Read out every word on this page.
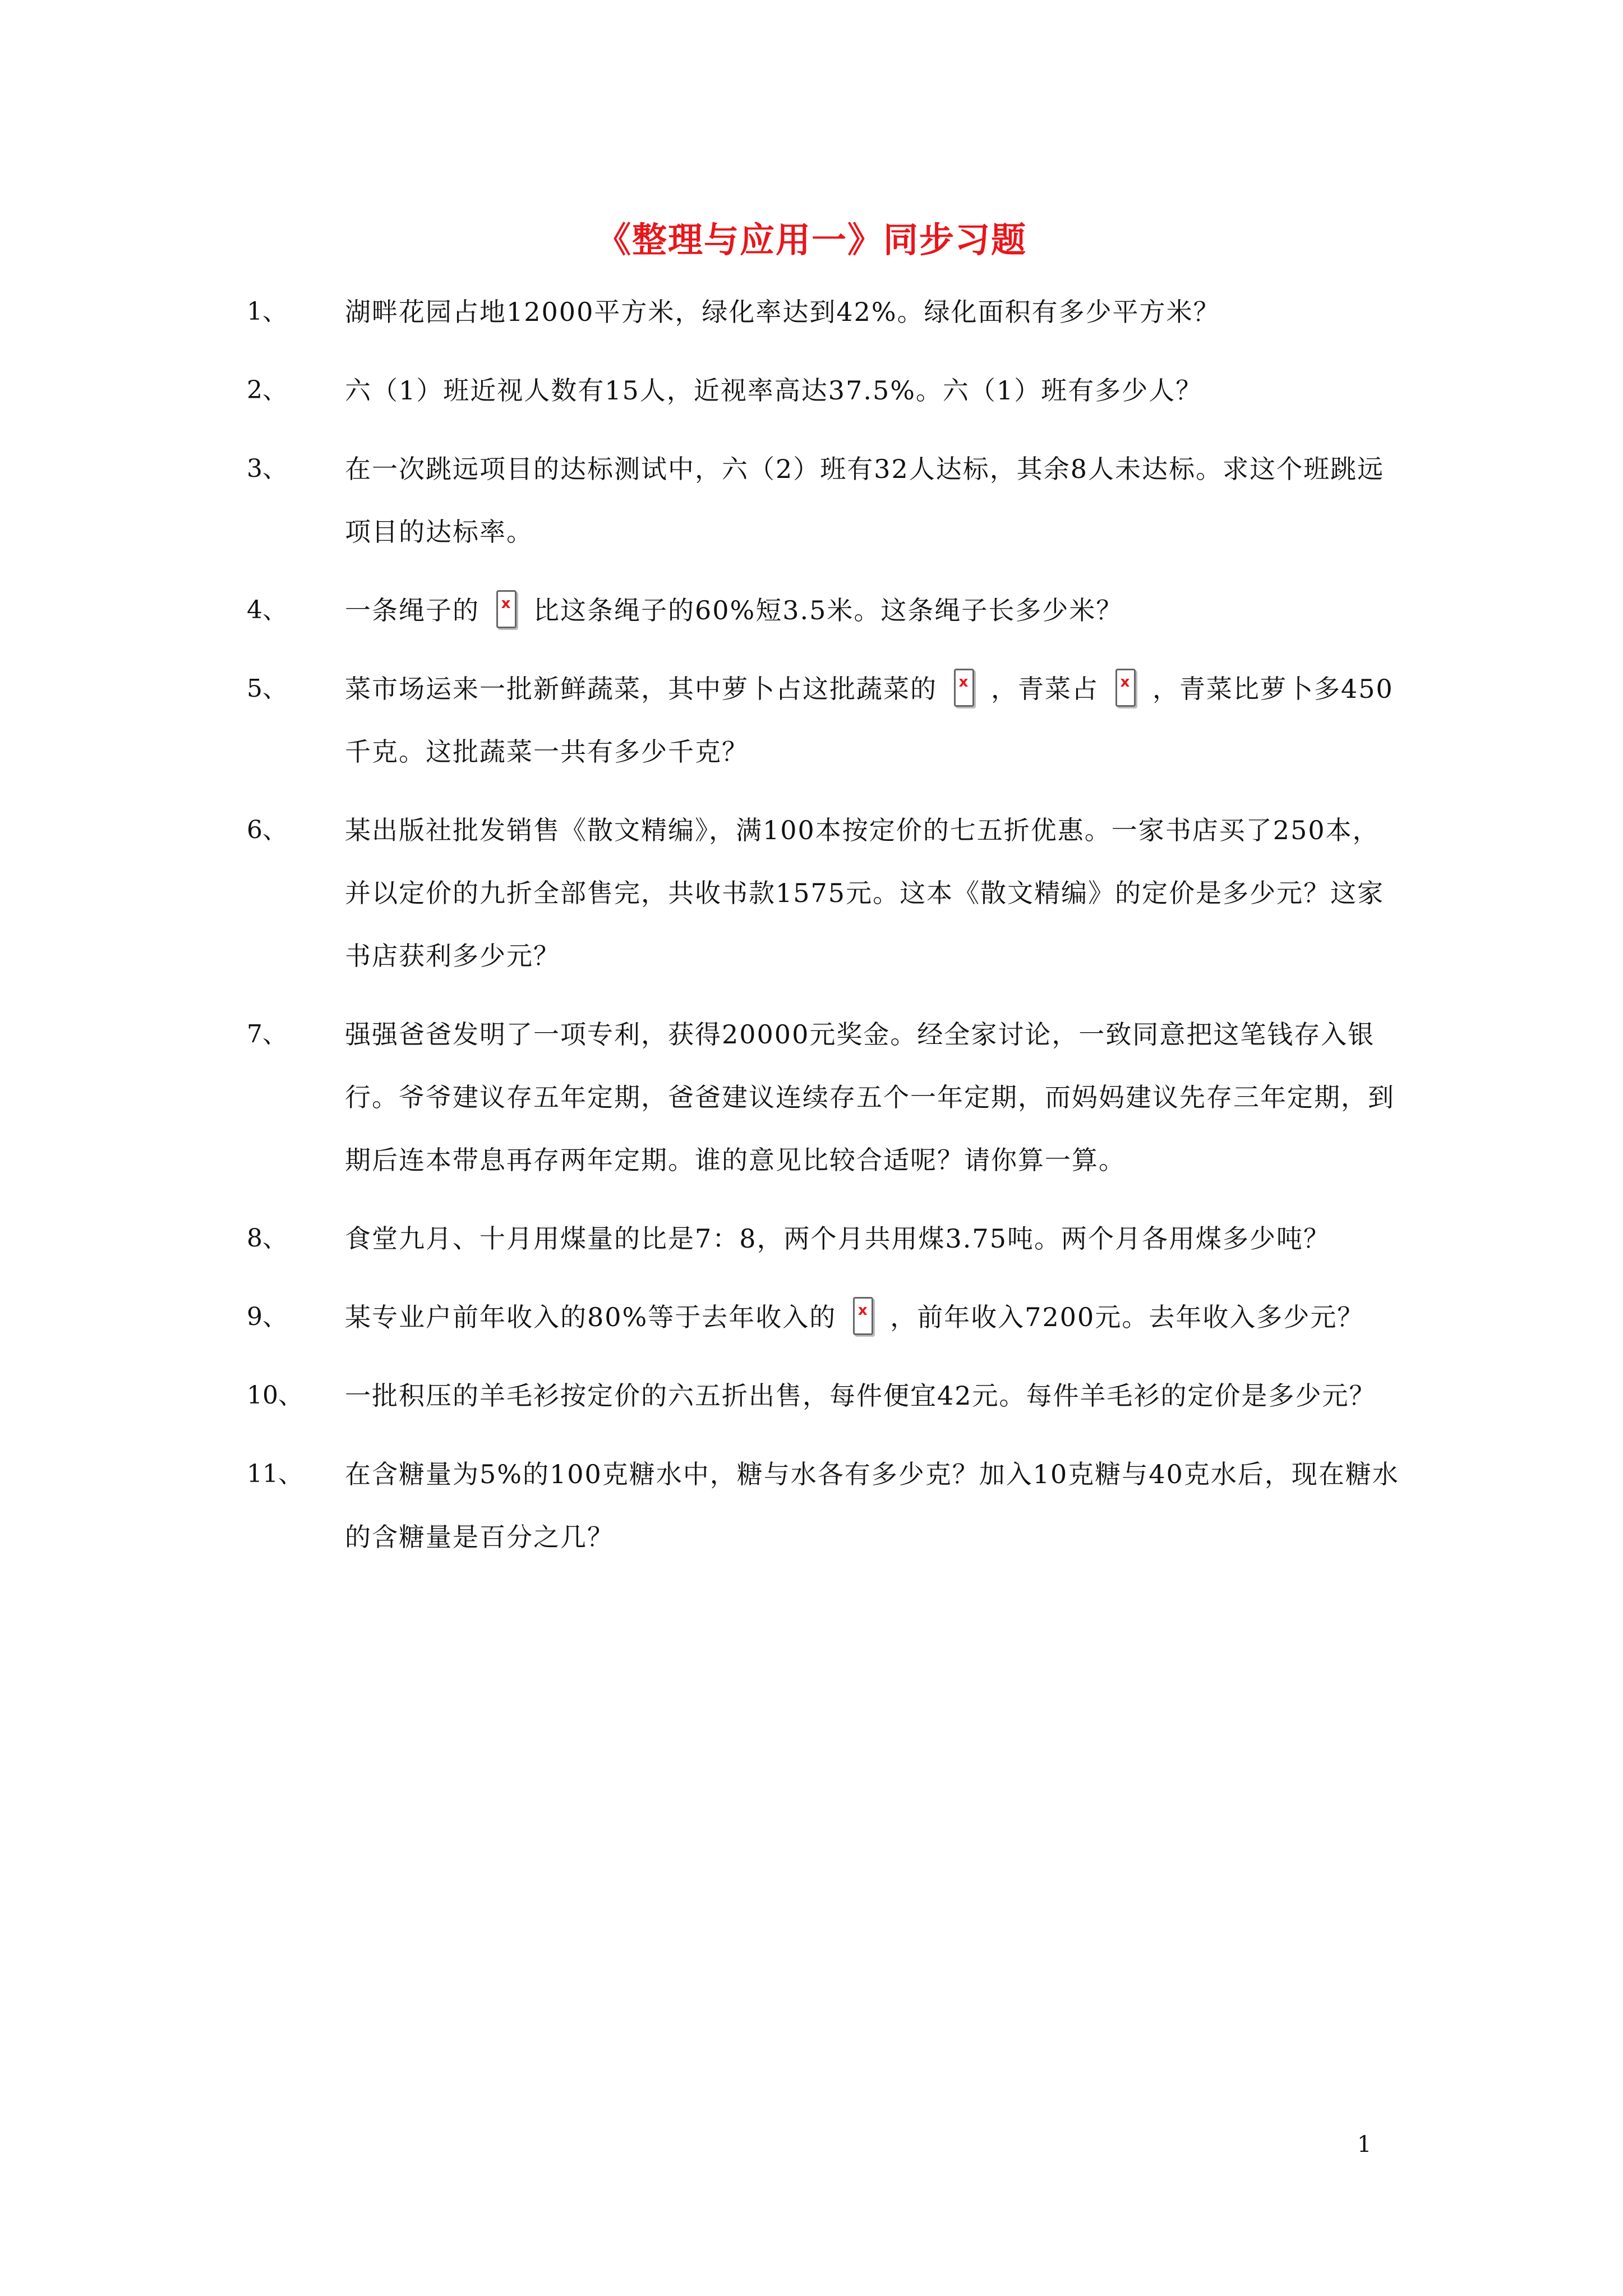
《整理与应用一》同步习题
1、 湖畔花园占地12000平方米，绿化率达到42%。绿化面积有多少平方米？
2、 六（1）班近视人数有15人，近视率高达37.5%。六（1）班有多少人？
3、 在一次跳远项目的达标测试中，六（2）班有32人达标，其余8人未达标。求这个班跳远项目的达标率。
4、 一条绳子的 x 比这条绳子的60%短3.5米。这条绳子长多少米？
5、 菜市场运来一批新鲜蔬菜，其中萝卜占这批蔬菜的 x ，青菜占 x ，青菜比萝卜多450千克。这批蔬菜一共有多少千克？
6、 某出版社批发销售《散文精编》，满100本按定价的七五折优惠。一家书店买了250本，并以定价的九折全部售完，共收书款1575元。这本《散文精编》的定价是多少元？这家书店获利多少元？
7、 强强爸爸发明了一项专利，获得20000元奖金。经全家讨论，一致同意把这笔钱存入银行。爷爷建议存五年定期，爸爸建议连续存五个一年定期，而妈妈建议先存三年定期，到期后连本带息再存两年定期。谁的意见比较合适呢？请你算一算。
8、 食堂九月、十月用煤量的比是7：8，两个月共用煤3.75吨。两个月各用煤多少吨？
9、 某专业户前年收入的80%等于去年收入的 x ，前年收入7200元。去年收入多少元？
10、 一批积压的羊毛衫按定价的六五折出售，每件便宜42元。每件羊毛衫的定价是多少元？
11、 在含糖量为5%的100克糖水中，糖与水各有多少克？加入10克糖与40克水后，现在糖水的含糖量是百分之几？
1
